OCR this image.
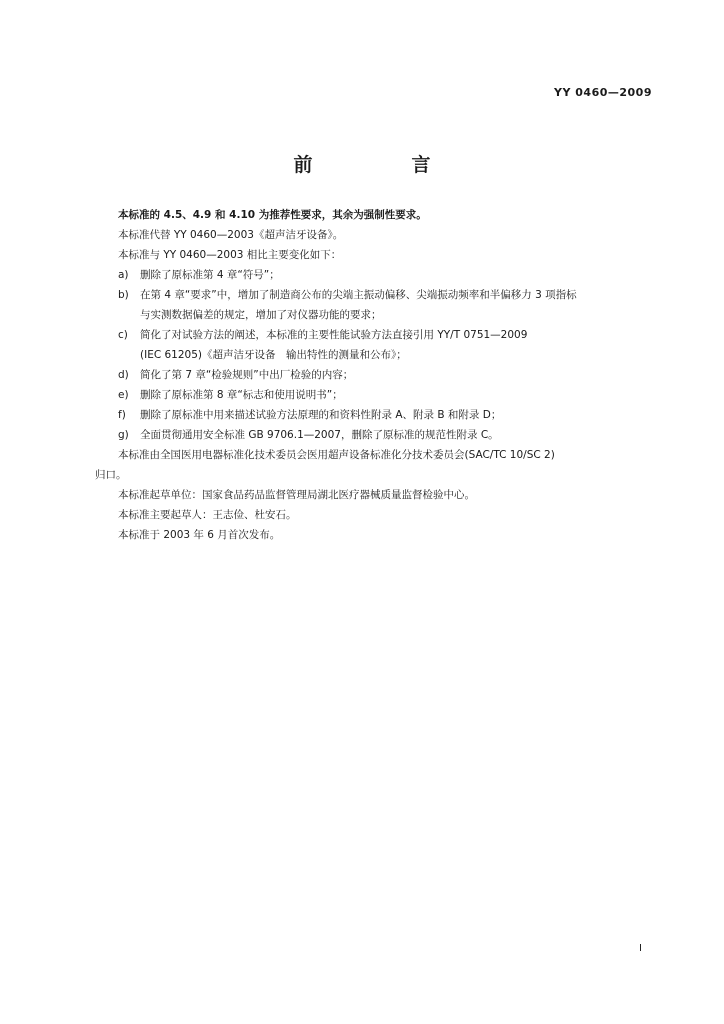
YY 0460—2009
前　言
本标准的 4.5、4.9 和 4.10 为推荐性要求，其余为强制性要求。
本标准代替 YY 0460—2003《超声洁牙设备》。
本标准与 YY 0460—2003 相比主要变化如下：
a)	删除了原标准第 4 章“符号”；
b)	在第 4 章“要求”中，增加了制造商公布的尖端主振动偏移、尖端振动频率和半偏移力 3 项指标
与实测数据偏差的规定，增加了对仪器功能的要求；
c)	简化了对试验方法的阐述，本标准的主要性能试验方法直接引用 YY/T 0751—2009
(IEC 61205)《超声洁牙设备　输出特性的测量和公布》；
d)	简化了第 7 章“检验规则”中出厂检验的内容；
e)	删除了原标准第 8 章“标志和使用说明书”；
f)	删除了原标准中用来描述试验方法原理的和资料性附录 A、附录 B 和附录 D；
g)	全面贯彻通用安全标准 GB 9706.1—2007，删除了原标准的规范性附录 C。
本标准由全国医用电器标准化技术委员会医用超声设备标准化分技术委员会(SAC/TC 10/SC 2)
归口。
本标准起草单位：国家食品药品监督管理局湖北医疗器械质量监督检验中心。
本标准主要起草人：王志俭、杜安石。
本标准于 2003 年 6 月首次发布。
I
